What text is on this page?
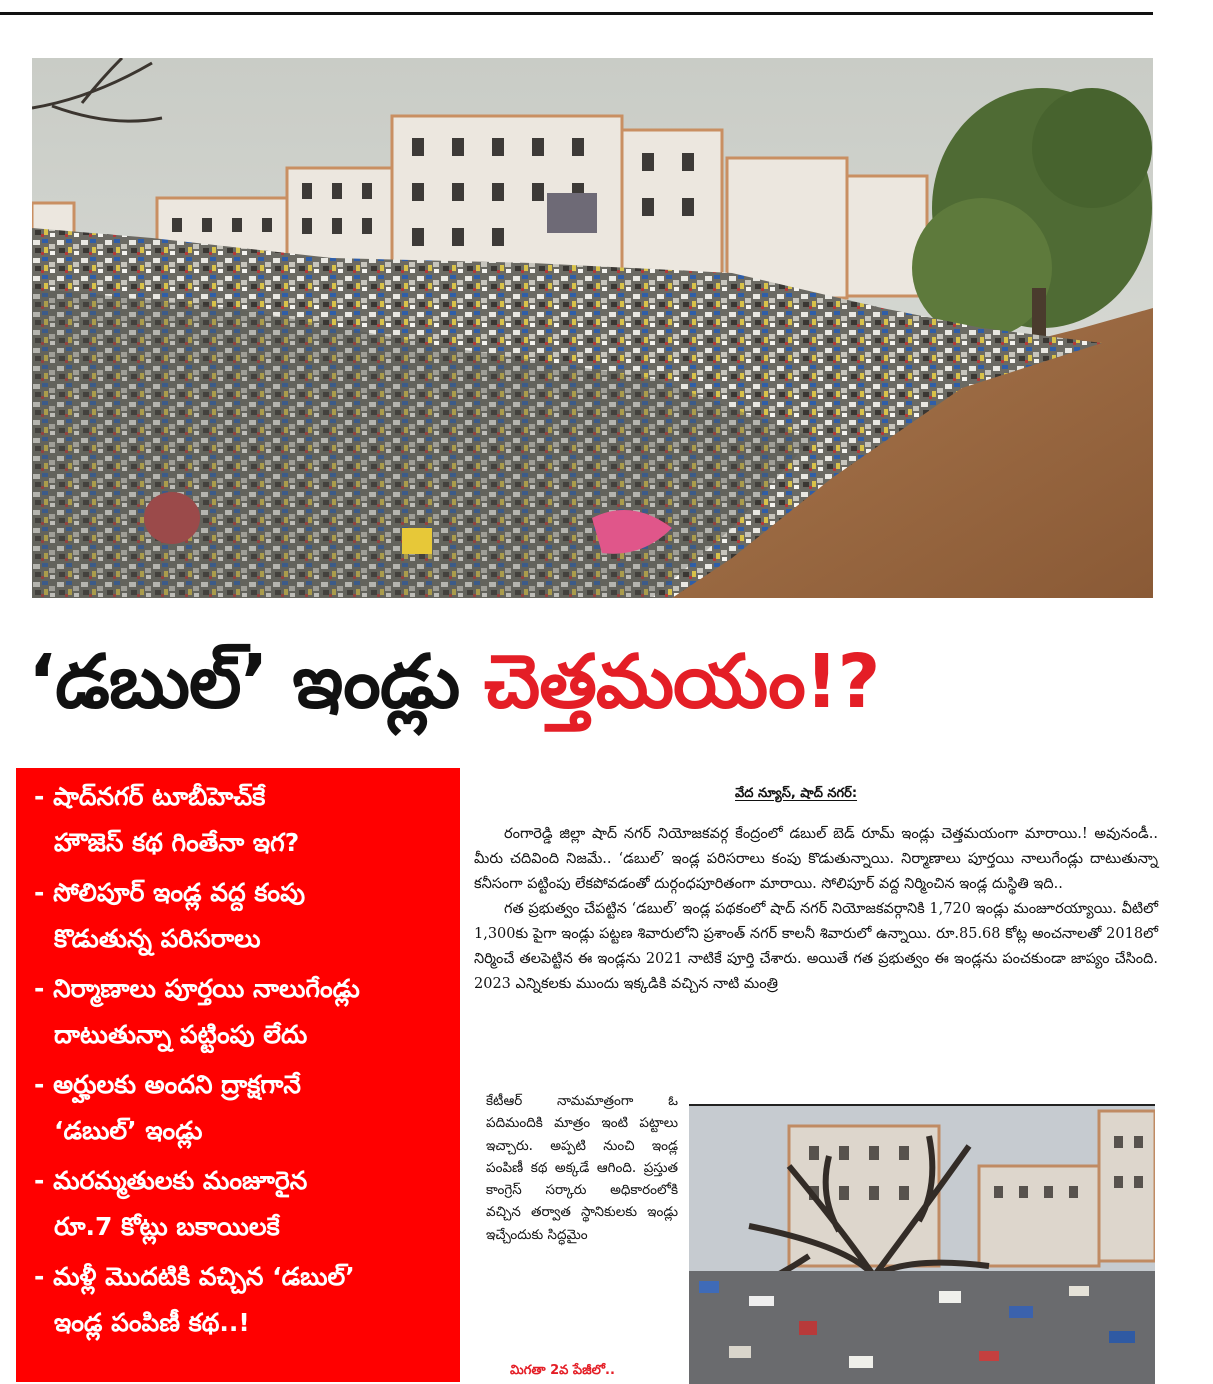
‘డబుల్’ ఇండ్లు చెత్తమయం!?
- షాద్‌నగర్ టూబీహెచ్‌కే
హౌజెస్ కథ గింతేనా ఇగ?
- సోలిపూర్ ఇండ్ల వద్ద కంపు
కొడుతున్న పరిసరాలు
- నిర్మాణాలు పూర్తయి నాలుగేండ్లు
దాటుతున్నా పట్టింపు లేదు
- అర్హులకు అందని ద్రాక్షగానే
‘డబుల్’ ఇండ్లు
- మరమ్మతులకు మంజూరైన
రూ.7 కోట్లు బకాయిలకే
- మళ్లీ మొదటికి వచ్చిన ‘డబుల్’
ఇండ్ల పంపిణీ కథ..!
వేద న్యూస్, షాద్ నగర్:

రంగారెడ్డి జిల్లా షాద్ నగర్ నియోజకవర్గ కేంద్రంలో డబుల్ బెడ్ రూమ్ ఇండ్లు చెత్తమయంగా మారాయి.! అవునండీ.. మీరు చదివింది నిజమే.. ‘డబుల్’ ఇండ్ల పరిసరాలు కంపు కొడుతున్నాయి. నిర్మాణాలు పూర్తయి నాలుగేండ్లు దాటుతున్నా కనీసంగా పట్టింపు లేకపోవడంతో దుర్గంధపూరితంగా మారాయి. సోలిపూర్ వద్ద నిర్మించిన ఇండ్ల దుస్థితి ఇది..

గత ప్రభుత్వం చేపట్టిన ‘డబుల్’ ఇండ్ల పథకంలో షాద్ నగర్ నియోజకవర్గానికి 1,720 ఇండ్లు మంజూరయ్యాయి. వీటిలో 1,300కు పైగా ఇండ్లు పట్టణ శివారులోని ప్రశాంత్ నగర్ కాలనీ శివారులో ఉన్నాయి. రూ.85.68 కోట్ల అంచనాలతో 2018లో నిర్మించే తలపెట్టిన ఈ ఇండ్లను 2021 నాటికే పూర్తి చేశారు. అయితే గత ప్రభుత్వం ఈ ఇండ్లను పంచకుండా జాప్యం చేసింది. 2023 ఎన్నికలకు ముందు ఇక్కడికి వచ్చిన నాటి మంత్రి

కేటీఆర్ నామమాత్రంగా ఓ పదిమందికి మాత్రం ఇంటి పట్టాలు ఇచ్చారు. అప్పటి నుంచి ఇండ్ల పంపిణీ కథ అక్కడే ఆగింది. ప్రస్తుత కాంగ్రెస్ సర్కారు అధికారంలోకి వచ్చిన తర్వాత స్థానికులకు ఇండ్లు ఇచ్చేందుకు సిద్ధమైం
మిగతా 2వ పేజీలో..
